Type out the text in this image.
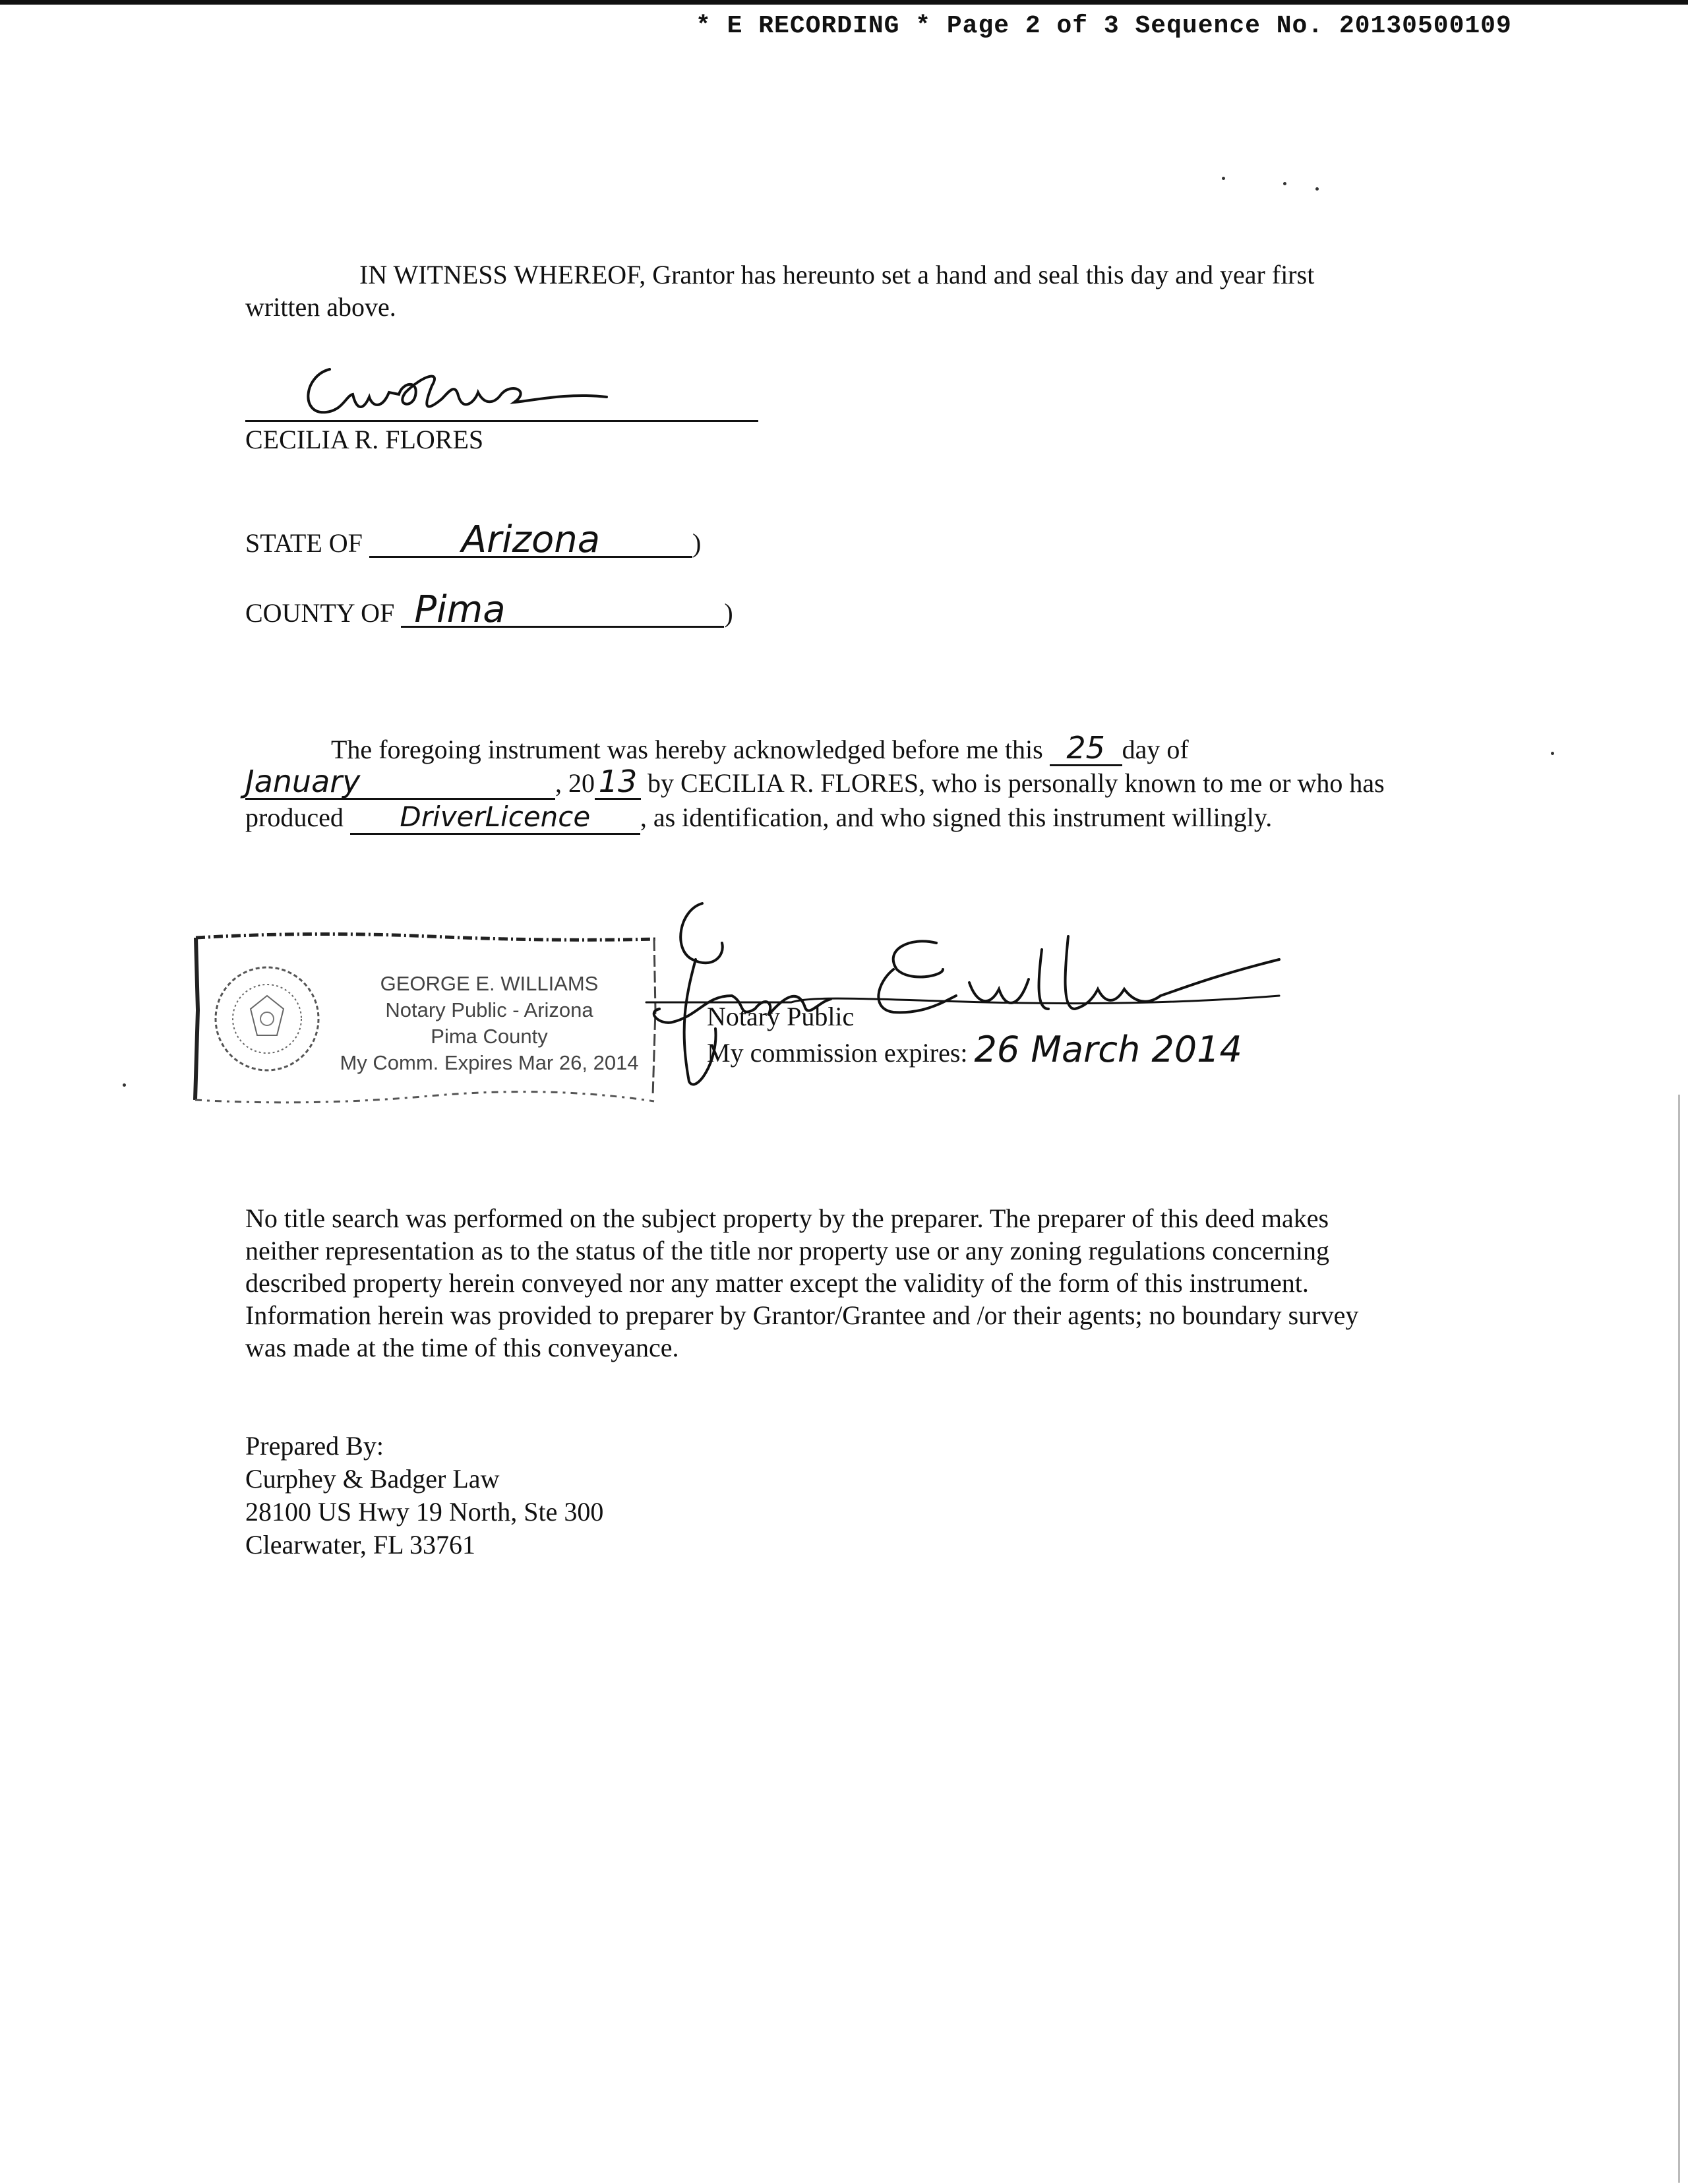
* E RECORDING * Page 2 of 3 Sequence No. 20130500109
IN WITNESS WHEREOF, Grantor has hereunto set a hand and seal this day and year first
written above.
CECILIA R. FLORES
STATE OF	Arizona	)
COUNTY OF Pima	)
The foregoing instrument was hereby acknowledged before me this 25 day of
January	, 20 13 by CECILIA R. FLORES, who is personally known to me or who has
produced DriverLicence , as identification, and who signed this instrument willingly.
GEORGE E. WILLIAMS
Notary Public - Arizona
Pima County
My Comm. Expires Mar 26, 2014
Notary Public
My commission expires: 26 March 2014
No title search was performed on the subject property by the preparer. The preparer of this deed makes
neither representation as to the status of the title nor property use or any zoning regulations concerning
described property herein conveyed nor any matter except the validity of the form of this instrument.
Information herein was provided to preparer by Grantor/Grantee and /or their agents; no boundary survey
was made at the time of this conveyance.
Prepared By:
Curphey & Badger Law
28100 US Hwy 19 North, Ste 300
Clearwater, FL 33761
